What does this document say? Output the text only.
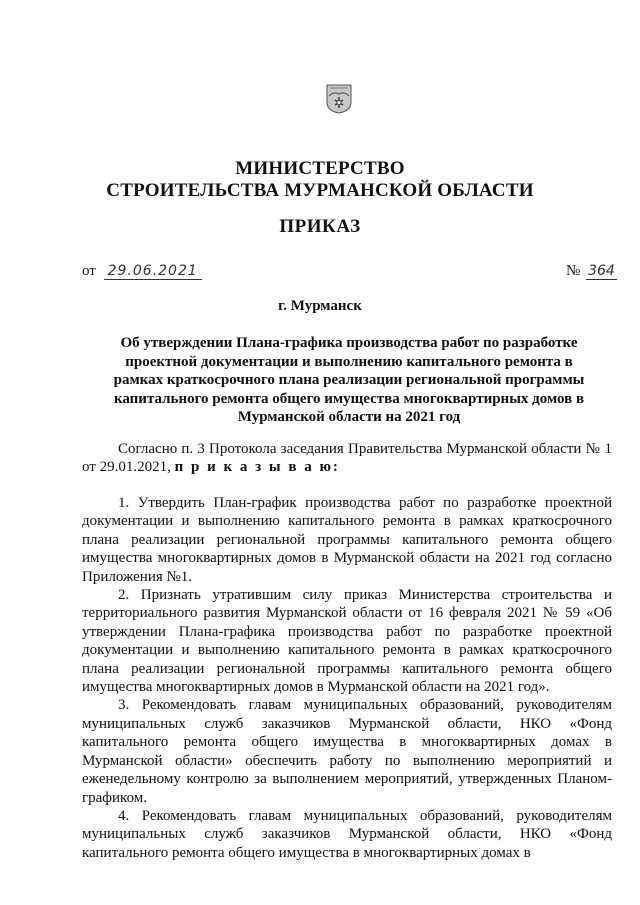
МИНИСТЕРСТВО
СТРОИТЕЛЬСТВА МУРМАНСКОЙ ОБЛАСТИ
ПРИКАЗ
от 29.06.2021	№ 364
г. Мурманск
Об утверждении Плана-графика производства работ по разработке проектной документации и выполнению капитального ремонта в рамках краткосрочного плана реализации региональной программы капитального ремонта общего имущества многоквартирных домов в Мурманской области на 2021 год

Согласно п. 3 Протокола заседания Правительства Мурманской области № 1 от 29.01.2021, п р и к а з ы в а ю:

1. Утвердить План-график производства работ по разработке проектной документации и выполнению капитального ремонта в рамках краткосрочного плана реализации региональной программы капитального ремонта общего имущества многоквартирных домов в Мурманской области на 2021 год согласно Приложения №1.

2. Признать утратившим силу приказ Министерства строительства и территориального развития Мурманской области от 16 февраля 2021 № 59 «Об утверждении Плана-графика производства работ по разработке проектной документации и выполнению капитального ремонта в рамках краткосрочного плана реализации региональной программы капитального ремонта общего имущества многоквартирных домов в Мурманской области на 2021 год».

3. Рекомендовать главам муниципальных образований, руководителям муниципальных служб заказчиков Мурманской области, НКО «Фонд капитального ремонта общего имущества в многоквартирных домах в Мурманской области» обеспечить работу по выполнению мероприятий и еженедельному контролю за выполнением мероприятий, утвержденных Планом-графиком.

4. Рекомендовать главам муниципальных образований, руководителям муниципальных служб заказчиков Мурманской области, НКО «Фонд капитального ремонта общего имущества в многоквартирных домах в
